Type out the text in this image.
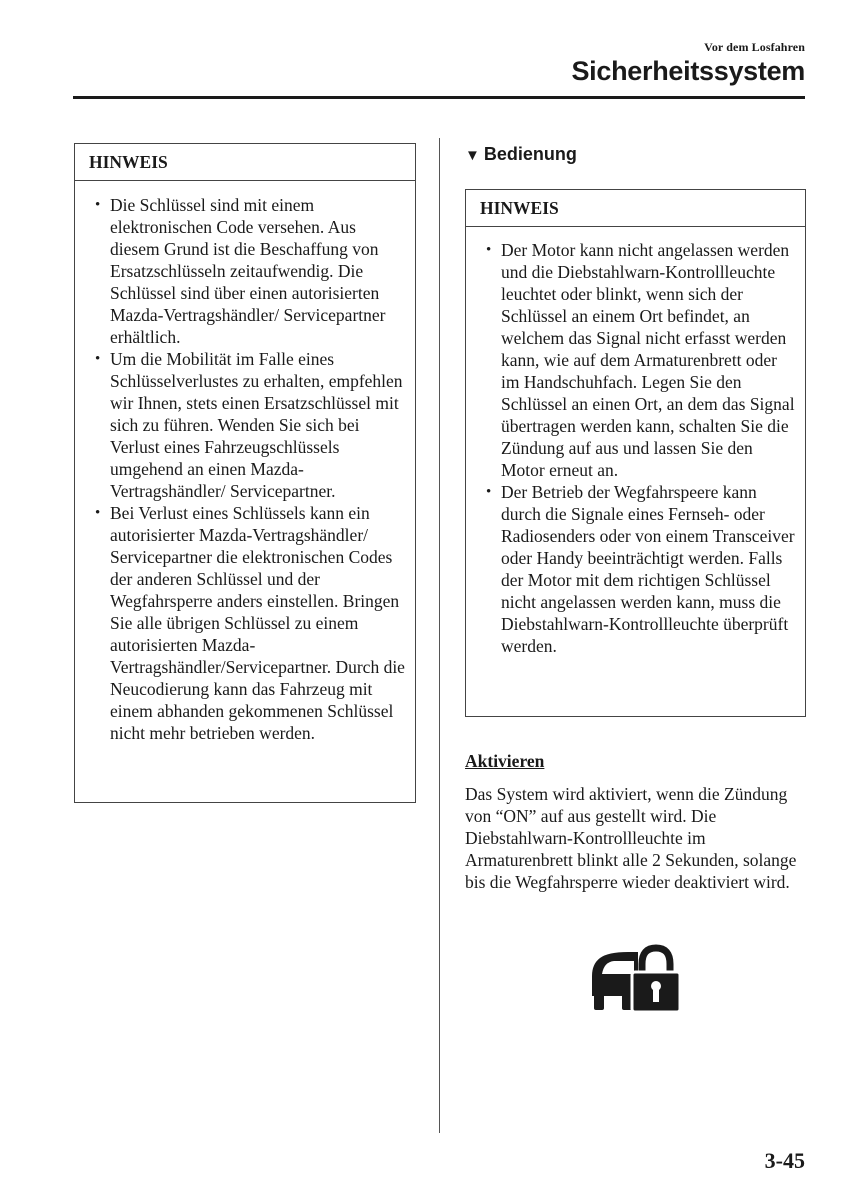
Vor dem Losfahren
Sicherheitssystem
HINWEIS
• Die Schlüssel sind mit einem elektronischen Code versehen. Aus diesem Grund ist die Beschaffung von Ersatzschlüsseln zeitaufwendig. Die Schlüssel sind über einen autorisierten Mazda-Vertragshändler/ Servicepartner erhältlich.
• Um die Mobilität im Falle eines Schlüsselverlustes zu erhalten, empfehlen wir Ihnen, stets einen Ersatzschlüssel mit sich zu führen. Wenden Sie sich bei Verlust eines Fahrzeugschlüssels umgehend an einen Mazda-Vertragshändler/ Servicepartner.
• Bei Verlust eines Schlüssels kann ein autorisierter Mazda-Vertragshändler/ Servicepartner die elektronischen Codes der anderen Schlüssel und der Wegfahrsperre anders einstellen. Bringen Sie alle übrigen Schlüssel zu einem autorisierten Mazda-Vertragshändler/Servicepartner. Durch die Neucodierung kann das Fahrzeug mit einem abhanden gekommenen Schlüssel nicht mehr betrieben werden.
▼ Bedienung
HINWEIS
• Der Motor kann nicht angelassen werden und die Diebstahlwarn-Kontrollleuchte leuchtet oder blinkt, wenn sich der Schlüssel an einem Ort befindet, an welchem das Signal nicht erfasst werden kann, wie auf dem Armaturenbrett oder im Handschuhfach. Legen Sie den Schlüssel an einen Ort, an dem das Signal übertragen werden kann, schalten Sie die Zündung auf aus und lassen Sie den Motor erneut an.
• Der Betrieb der Wegfahrspeere kann durch die Signale eines Fernseh- oder Radiosenders oder von einem Transceiver oder Handy beeinträchtigt werden. Falls der Motor mit dem richtigen Schlüssel nicht angelassen werden kann, muss die Diebstahlwarn-Kontrollleuchte überprüft werden.
Aktivieren
Das System wird aktiviert, wenn die Zündung von “ON” auf aus gestellt wird. Die Diebstahlwarn-Kontrollleuchte im Armaturenbrett blinkt alle 2 Sekunden, solange bis die Wegfahrsperre wieder deaktiviert wird.
3-45
